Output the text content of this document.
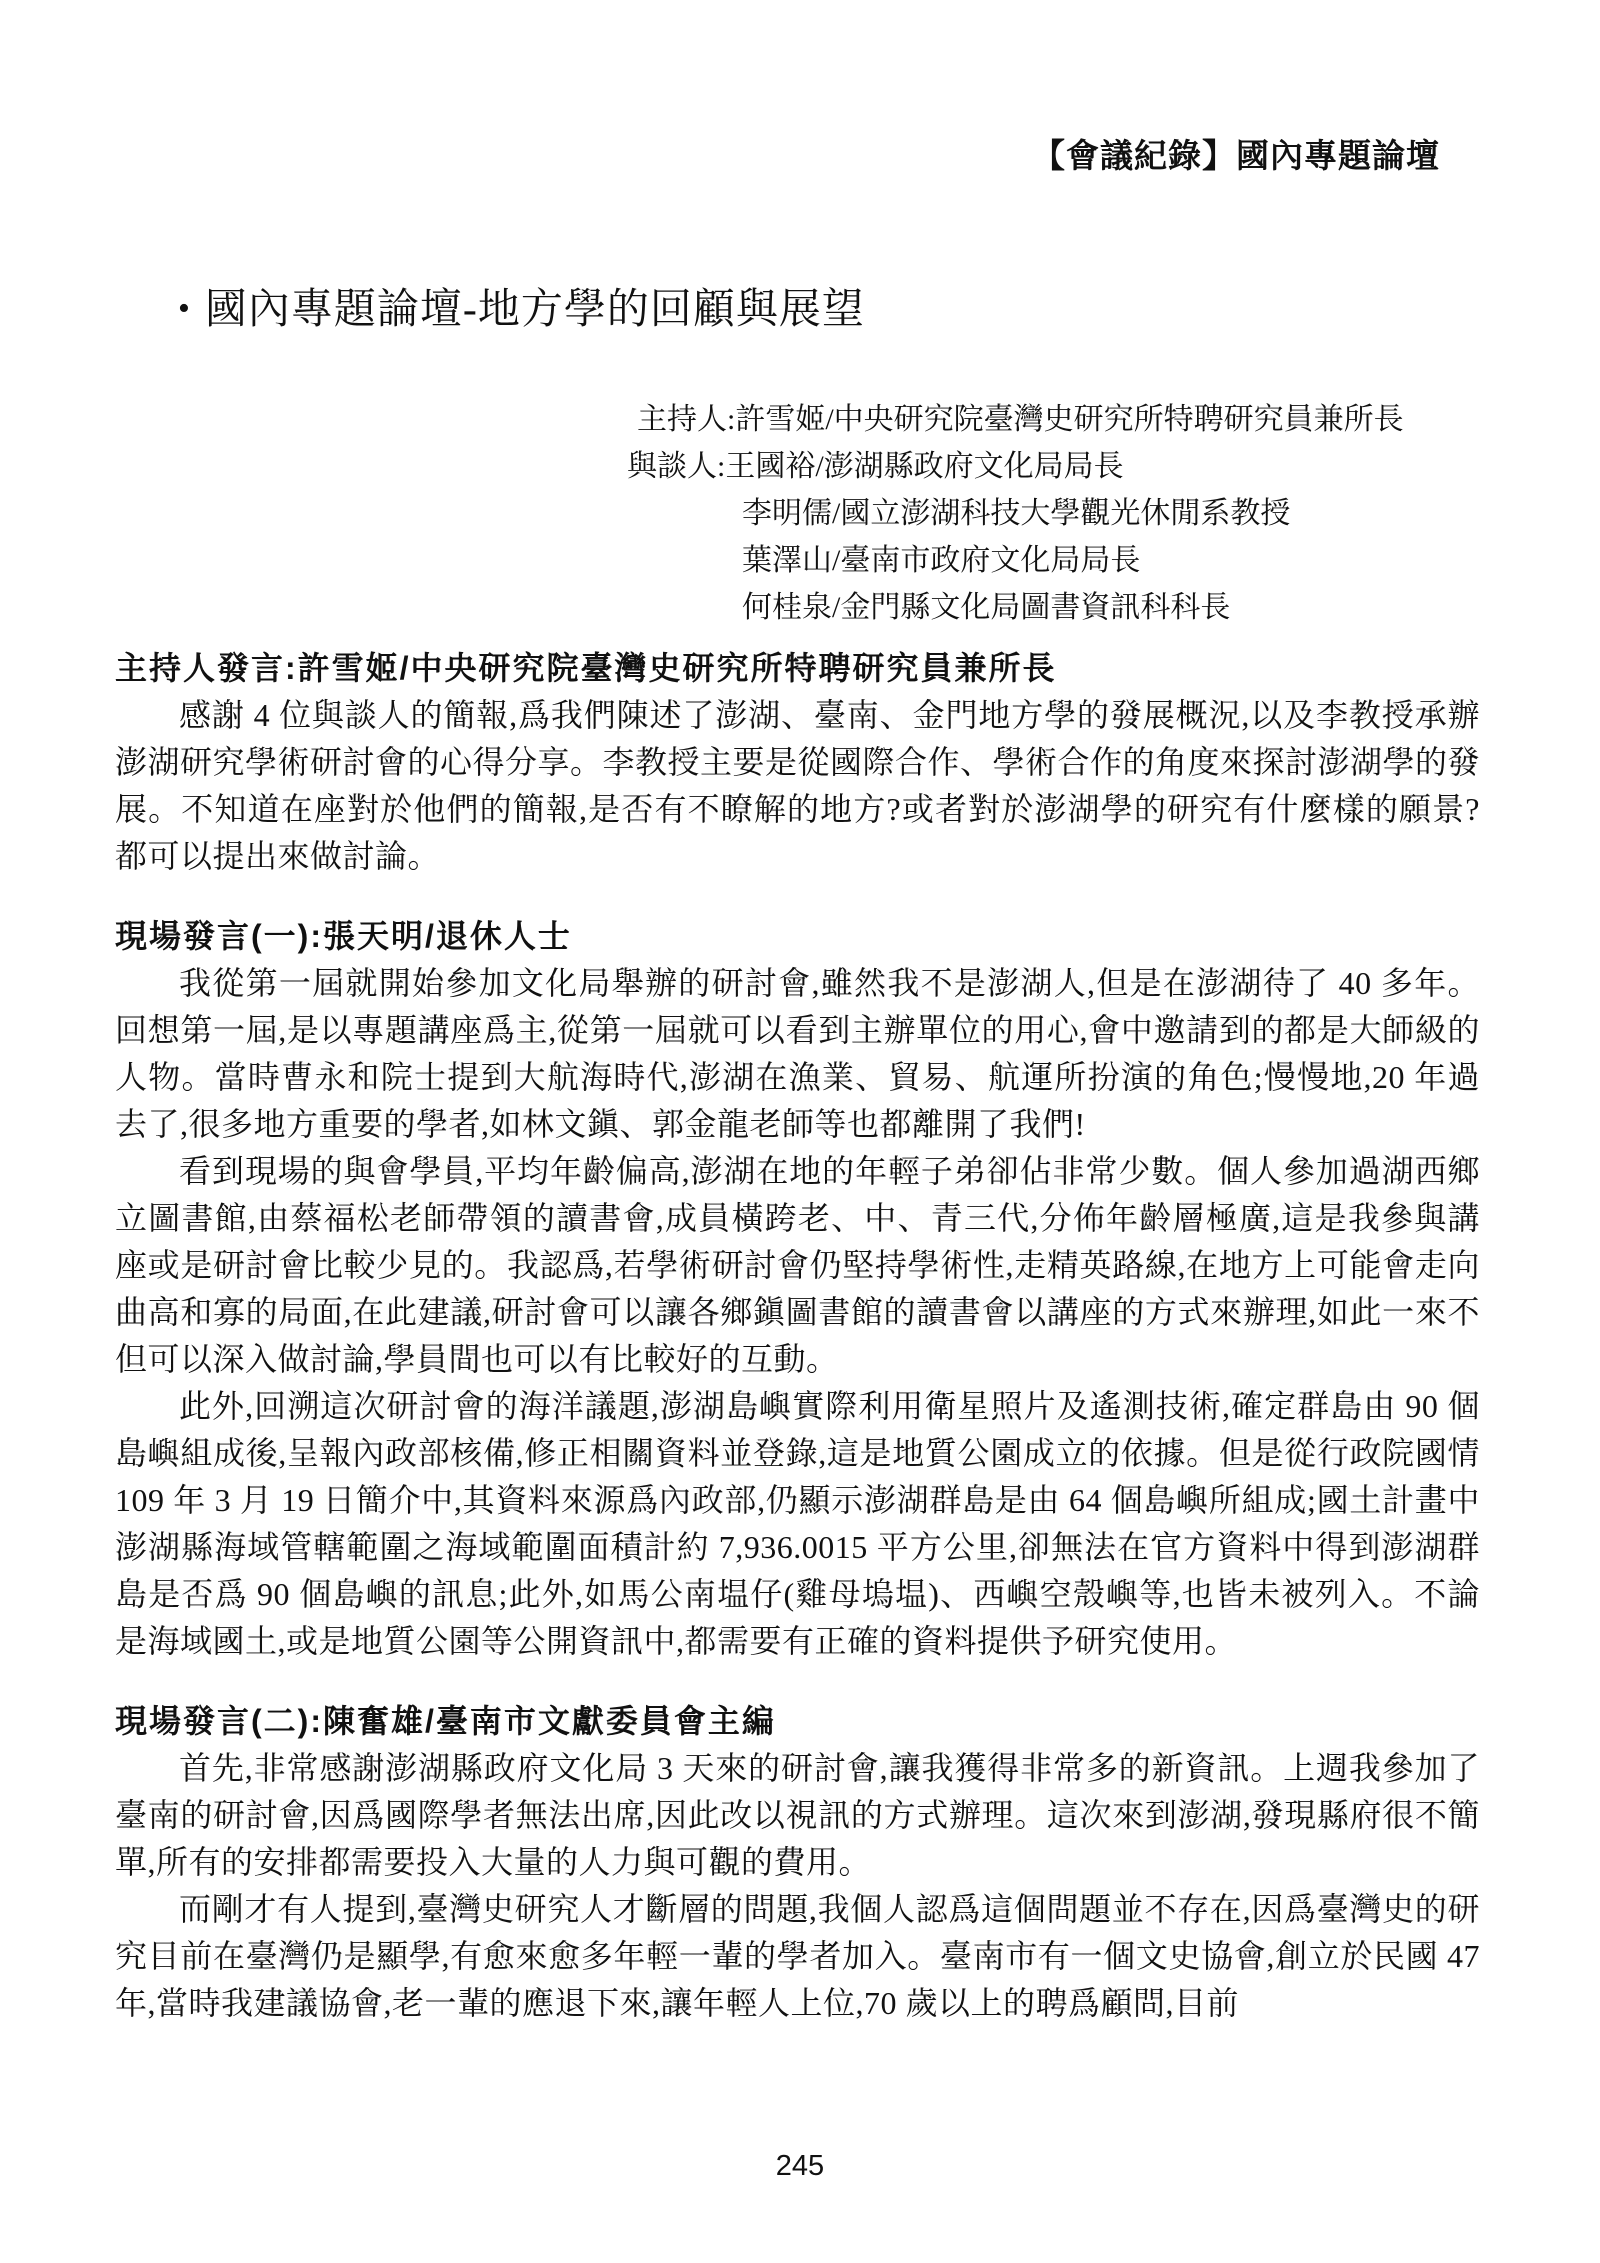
【會議紀錄】國內專題論壇
• 國內專題論壇-地方學的回顧與展望
主持人:許雪姬/中央研究院臺灣史研究所特聘研究員兼所長
與談人:王國裕/澎湖縣政府文化局局長
李明儒/國立澎湖科技大學觀光休閒系教授
葉澤山/臺南市政府文化局局長
何桂泉/金門縣文化局圖書資訊科科長
主持人發言:許雪姬/中央研究院臺灣史研究所特聘研究員兼所長

感謝 4 位與談人的簡報,爲我們陳述了澎湖、臺南、金門地方學的發展概況,以及李教授承辦澎湖研究學術研討會的心得分享。李教授主要是從國際合作、學術合作的角度來探討澎湖學的發展。不知道在座對於他們的簡報,是否有不瞭解的地方?或者對於澎湖學的研究有什麼樣的願景?都可以提出來做討論。

現場發言(一):張天明/退休人士

我從第一屆就開始參加文化局舉辦的研討會,雖然我不是澎湖人,但是在澎湖待了 40 多年。回想第一屆,是以專題講座爲主,從第一屆就可以看到主辦單位的用心,會中邀請到的都是大師級的人物。當時曹永和院士提到大航海時代,澎湖在漁業、貿易、航運所扮演的角色;慢慢地,20 年過去了,很多地方重要的學者,如林文鎭、郭金龍老師等也都離開了我們!

看到現場的與會學員,平均年齡偏高,澎湖在地的年輕子弟卻佔非常少數。個人參加過湖西鄉立圖書館,由蔡福松老師帶領的讀書會,成員橫跨老、中、青三代,分佈年齡層極廣,這是我參與講座或是研討會比較少見的。我認爲,若學術研討會仍堅持學術性,走精英路線,在地方上可能會走向曲高和寡的局面,在此建議,研討會可以讓各鄉鎭圖書館的讀書會以講座的方式來辦理,如此一來不但可以深入做討論,學員間也可以有比較好的互動。

此外,回溯這次研討會的海洋議題,澎湖島嶼實際利用衛星照片及遙測技術,確定群島由 90 個島嶼組成後,呈報內政部核備,修正相關資料並登錄,這是地質公園成立的依據。但是從行政院國情 109 年 3 月 19 日簡介中,其資料來源爲內政部,仍顯示澎湖群島是由 64 個島嶼所組成;國土計畫中澎湖縣海域管轄範圍之海域範圍面積計約 7,936.0015 平方公里,卻無法在官方資料中得到澎湖群島是否爲 90 個島嶼的訊息;此外,如馬公南塭仔(雞母塢塭)、西嶼空殼嶼等,也皆未被列入。不論是海域國土,或是地質公園等公開資訊中,都需要有正確的資料提供予研究使用。

現場發言(二):陳奮雄/臺南市文獻委員會主編

首先,非常感謝澎湖縣政府文化局 3 天來的研討會,讓我獲得非常多的新資訊。上週我參加了臺南的研討會,因爲國際學者無法出席,因此改以視訊的方式辦理。這次來到澎湖,發現縣府很不簡單,所有的安排都需要投入大量的人力與可觀的費用。

而剛才有人提到,臺灣史研究人才斷層的問題,我個人認爲這個問題並不存在,因爲臺灣史的研究目前在臺灣仍是顯學,有愈來愈多年輕一輩的學者加入。臺南市有一個文史協會,創立於民國 47 年,當時我建議協會,老一輩的應退下來,讓年輕人上位,70 歲以上的聘爲顧問,目前

245
